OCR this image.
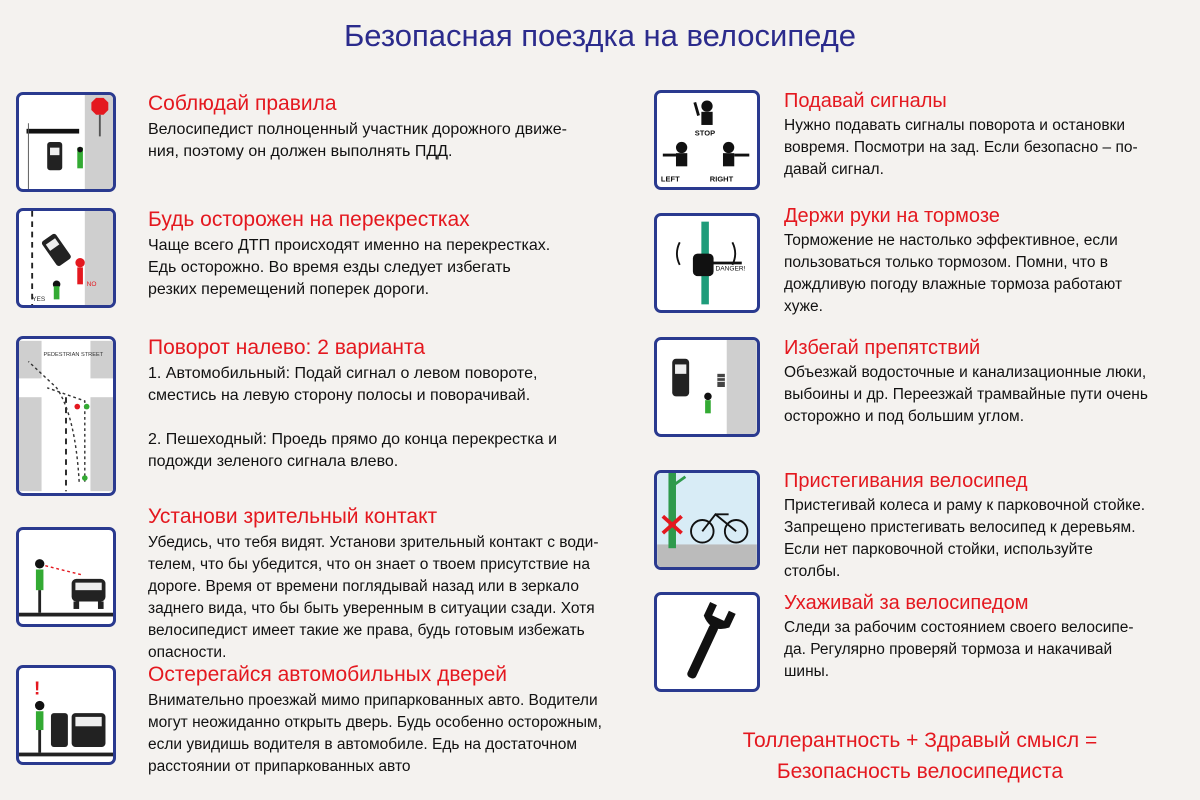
Безопасная поездка на велосипеде
Соблюдай правила
Велосипедист полноценный участник дорожного движе-
ния, поэтому он должен выполнять ПДД.
YES
NO
Будь осторожен на перекрестках
Чаще всего ДТП происходят именно на перекрестках.
Едь осторожно. Во время езды следует избегать
резких перемещений поперек дороги.
PEDESTRIAN STREET Поворот налево: 2 варианта
1. Автомобильный: Подай сигнал о левом повороте,
сместись на левую сторону полосы и поворачивай.
2. Пешеходный: Проедь прямо до конца перекрестка и
подожди зеленого сигнала влево.
Установи зрительный контакт
Убедись, что тебя видят. Установи зрительный контакт с води-
телем, что бы убедится, что он знает о твоем присутствие на
дороге. Время от времени поглядывай назад или в зеркало
заднего вида, что бы быть уверенным в ситуации сзади. Хотя
велосипедист имеет такие же права, будь готовым избежать
опасности.
!
Остерегайся автомобильных дверей
Внимательно проезжай мимо припаркованных авто. Водители
могут неожиданно открыть дверь. Будь особенно осторожным,
если увидишь водителя в автомобиле. Едь на достаточном
расстоянии от припаркованных авто
STOP
LEFT	RIGHT
Подавай сигналы
Нужно подавать сигналы поворота и остановки
вовремя. Посмотри на зад. Если безопасно – по-
давай сигнал.
DANGER!
Держи руки на тормозе
Торможение не настолько эффективное, если
пользоваться только тормозом. Помни, что в
дождливую погоду влажные тормоза работают
хуже.
Избегай препятствий
Объезжай водосточные и канализационные люки,
выбоины и др. Переезжай трамвайные пути очень
осторожно и под большим углом.
Пристегивания велосипед
Пристегивай колеса и раму к парковочной стойке.
Запрещено пристегивать велосипед к деревьям.
Если нет парковочной стойки, используйте
столбы.
Ухаживай за велосипедом
Следи за рабочим состоянием своего велосипе-
да. Регулярно проверяй тормоза и накачивай
шины.
Толлерантность + Здравый смысл =
Безопасность велосипедиста
